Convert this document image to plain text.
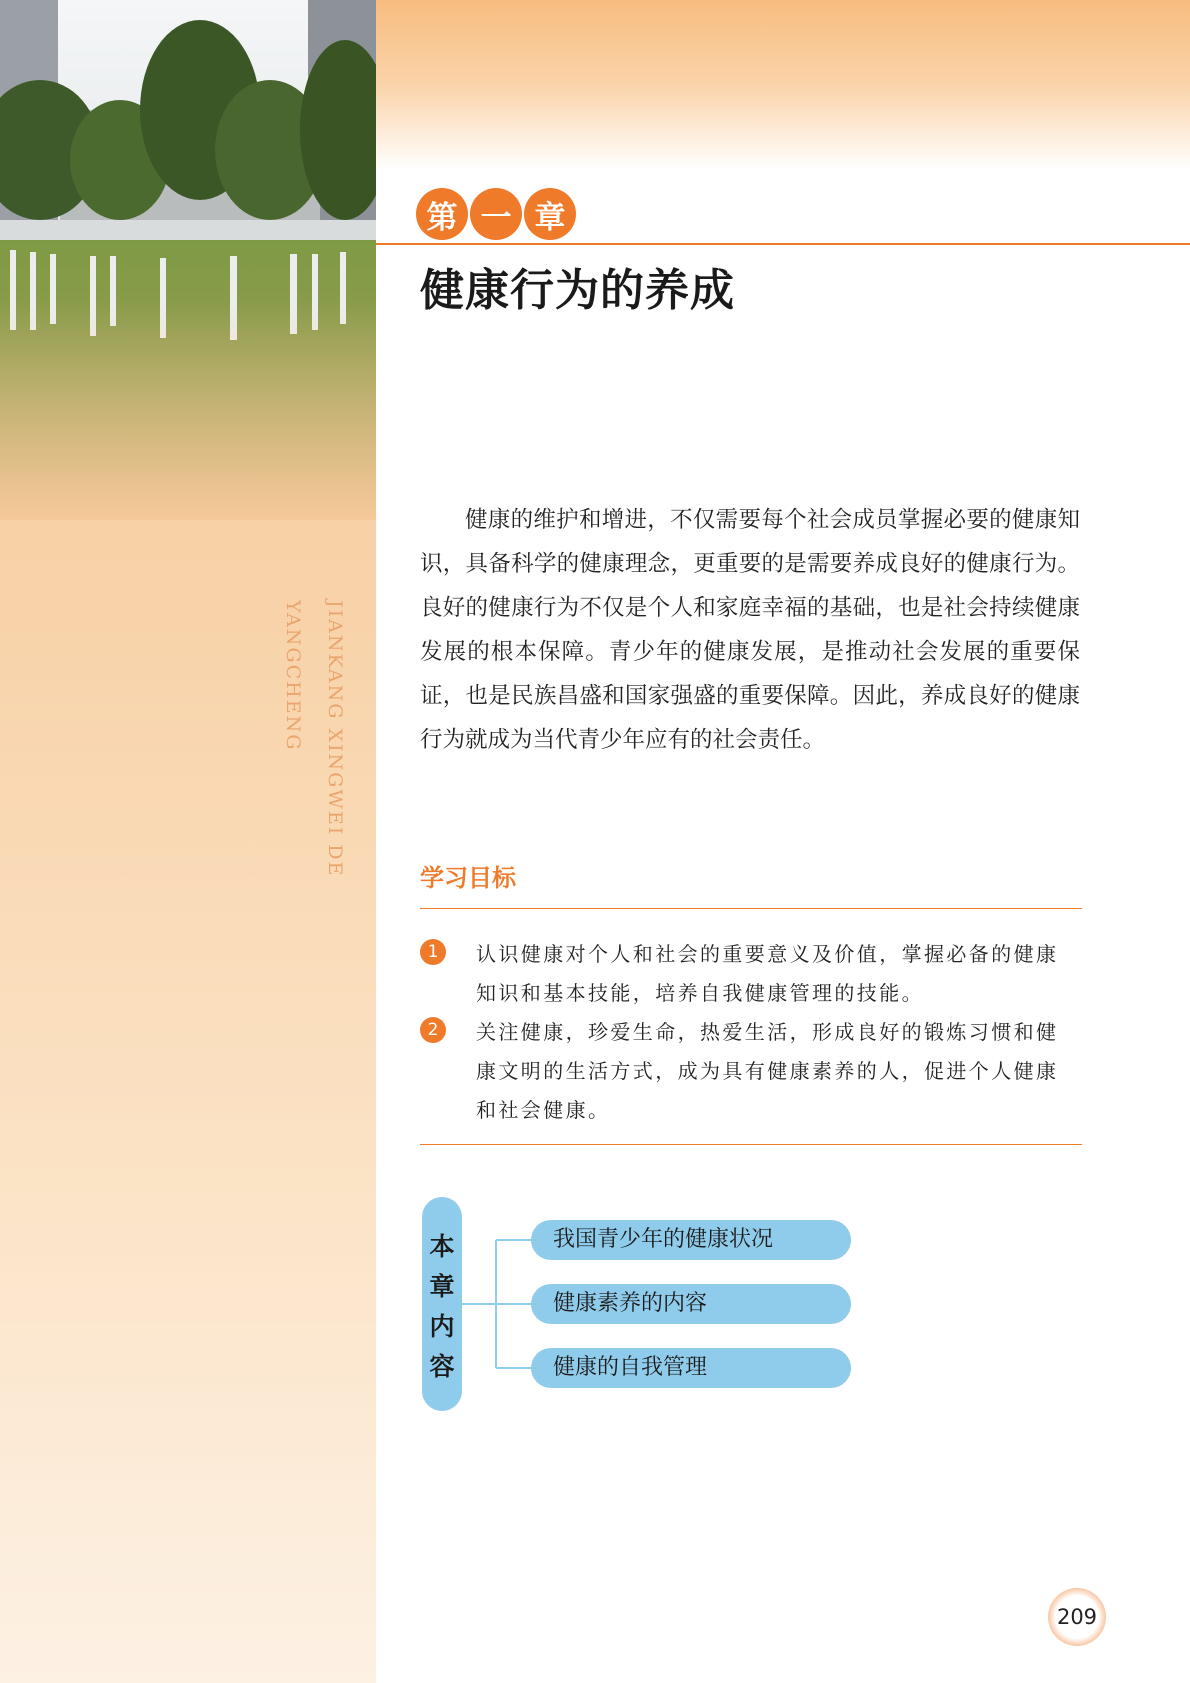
JIANKANG XINGWEI DE
YANGCHENG
第 一 章
健康行为的养成

健康的维护和增进，不仅需要每个社会成员掌握必要的健康知识，具备科学的健康理念，更重要的是需要养成良好的健康行为。良好的健康行为不仅是个人和家庭幸福的基础，也是社会持续健康发展的根本保障。青少年的健康发展，是推动社会发展的重要保证，也是民族昌盛和国家强盛的重要保障。因此，养成良好的健康行为就成为当代青少年应有的社会责任。

学习目标
1	认识健康对个人和社会的重要意义及价值，掌握必备的健康知识和基本技能，培养自我健康管理的技能。
2	关注健康，珍爱生命，热爱生活，形成良好的锻炼习惯和健康文明的生活方式，成为具有健康素养的人，促进个人健康和社会健康。
本
章
内
容
我国青少年的健康状况
健康素养的内容
健康的自我管理
209
